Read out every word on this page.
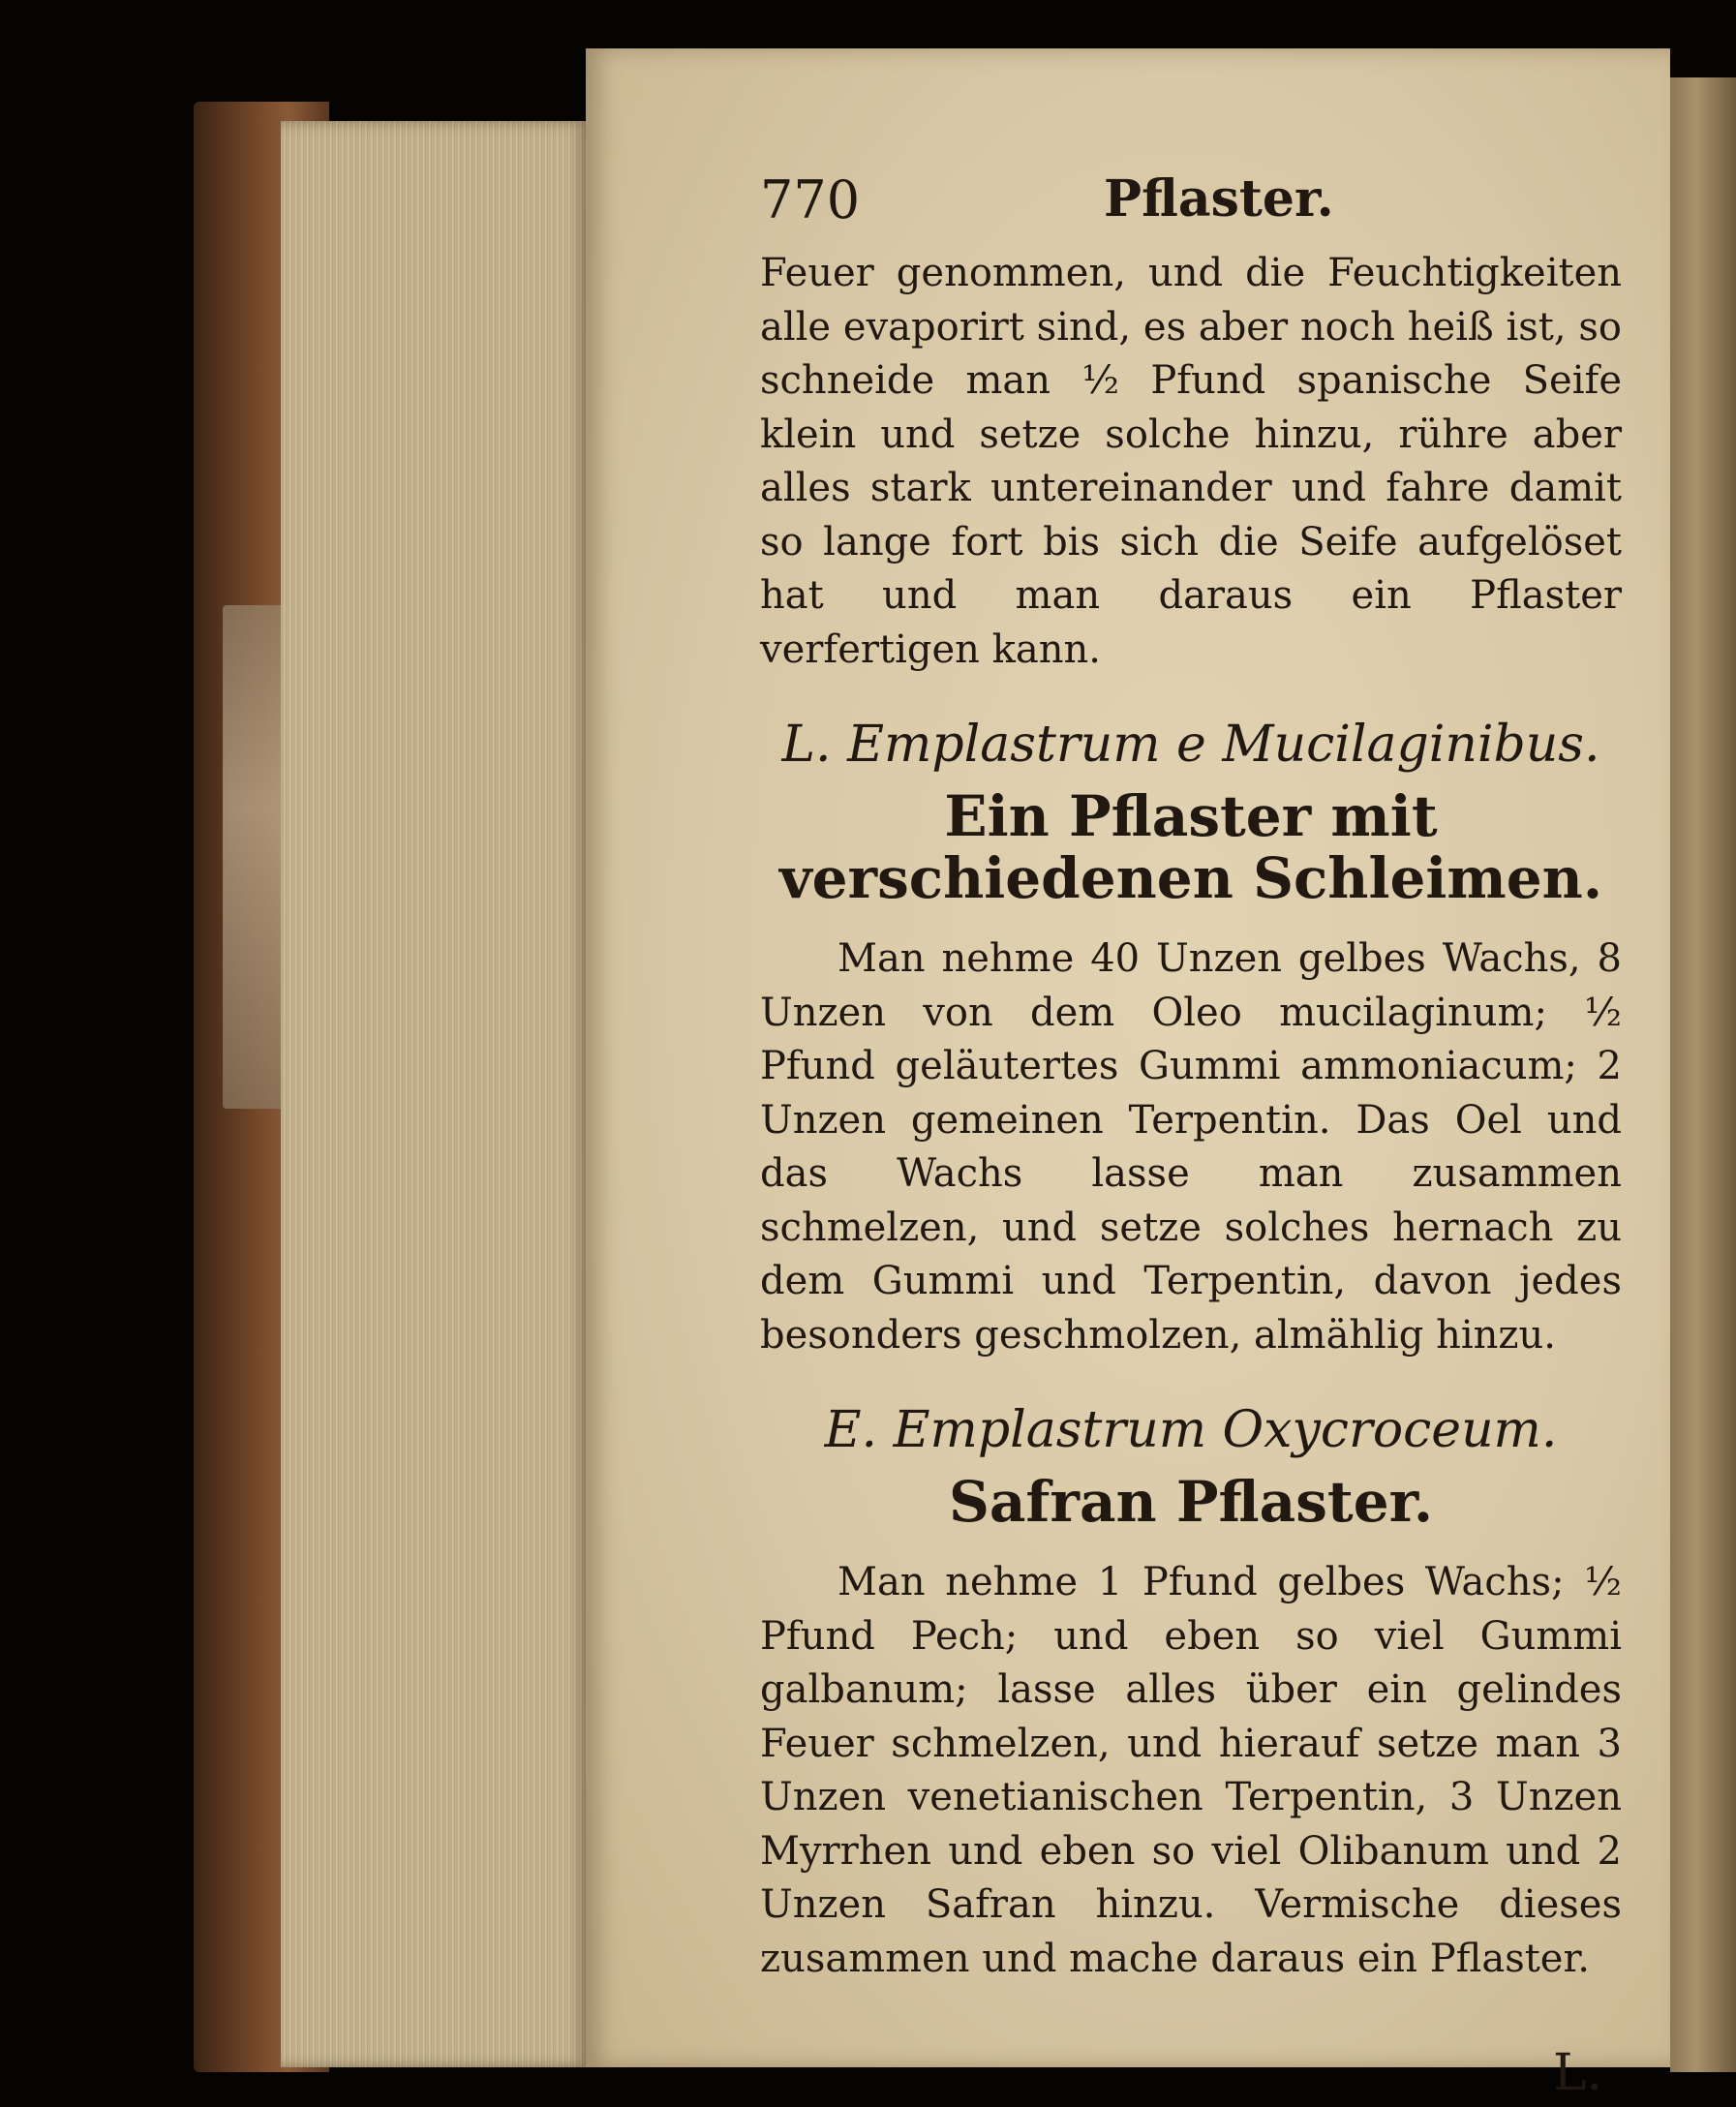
770	Pflaster.

Feuer genommen, und die Feuchtigkeiten alle evaporirt sind, es aber noch heiß ist, so schneide man ½ Pfund spanische Seife klein und setze solche hinzu, rühre aber alles stark untereinander und fahre damit so lange fort bis sich die Seife aufgelöset hat und man daraus ein Pflaster verfertigen kann.

L. Emplastrum e Mucilaginibus.
Ein Pflaster mit verschiedenen Schleimen.

Man nehme 40 Unzen gelbes Wachs, 8 Unzen von dem Oleo mucilaginum; ½ Pfund geläutertes Gummi ammoniacum; 2 Unzen gemeinen Terpentin. Das Oel und das Wachs lasse man zusammen schmelzen, und setze solches hernach zu dem Gummi und Terpentin, davon jedes besonders geschmolzen, almählig hinzu.

E. Emplastrum Oxycroceum.
Safran Pflaster.

Man nehme 1 Pfund gelbes Wachs; ½ Pfund Pech; und eben so viel Gummi galbanum; lasse alles über ein gelindes Feuer schmelzen, und hierauf setze man 3 Unzen venetianischen Terpentin, 3 Unzen Myrrhen und eben so viel Olibanum und 2 Unzen Safran hinzu. Vermische dieses zusammen und mache daraus ein Pflaster.

L.
